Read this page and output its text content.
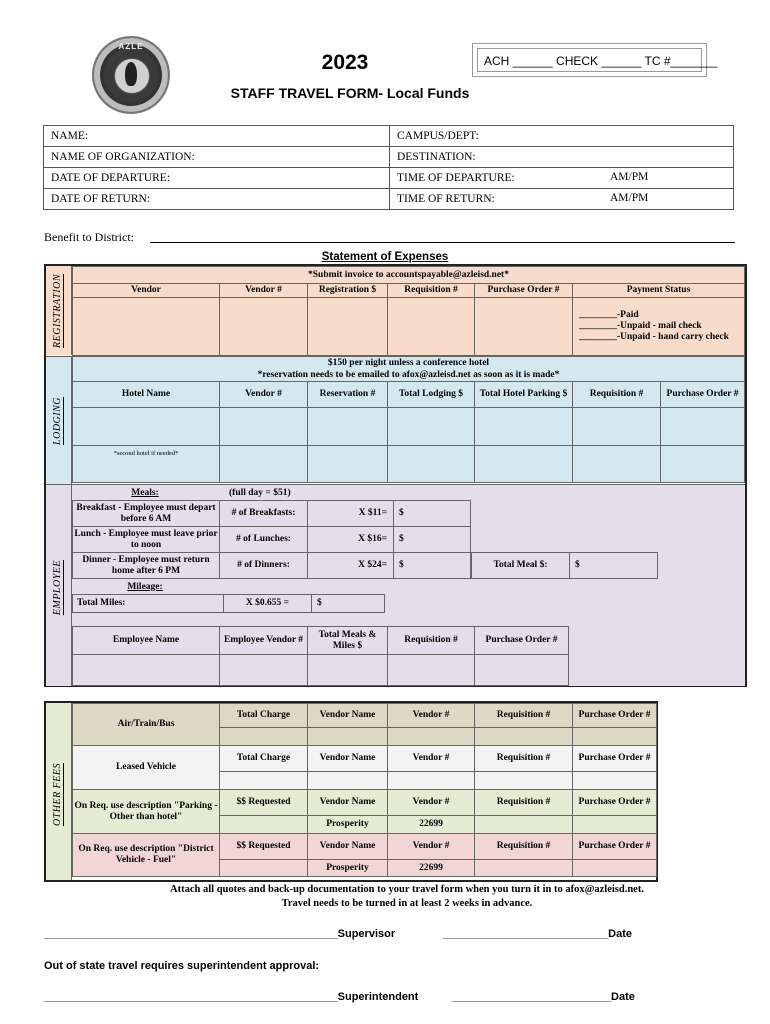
AZLE
2023
STAFF TRAVEL FORM- Local Funds
ACH ______ CHECK ______ TC #_______
NAME:	CAMPUS/DEPT:
NAME OF ORGANIZATION:	DESTINATION:
DATE OF DEPARTURE:	TIME OF DEPARTURE: AM/PM

DATE OF RETURN:	TIME OF RETURN: AM/PM
Benefit to District:
Statement of Expenses
REGISTRATION
LODGING
EMPLOYEE
*Submit invoice to accountspayable@azleisd.net*					
Vendor	Vendor #	Registration $	Requisition #	Purchase Order #	Payment Status

					________-Paid
________-Unpaid - mail check
________-Unpaid - hand carry check
$150 per night unless a conference hotel
*reservation needs to be emailed to afox@azleisd.net as soon as it is made*						

Hotel Name	Vendor #	Reservation #	Total Lodging $	Total Hotel Parking $	Requisition #	Purchase Order #

*second hotel if needed*						
Meals:	(full day = $51)
Breakfast - Employee must depart before 6 AM	# of Breakfasts:	X $11=	$
Lunch - Employee must leave prior to noon	# of Lunches:	X $16=	$
Dinner - Employee must return home after 6 PM	# of Dinners:	X $24=	$	Total Meal $:	$
Mileage:
Total Miles:	X $0.655 =	$
Employee Name	Employee Vendor #	Total Meals & Miles $	Requisition #	Purchase Order #

OTHER FEES
Air/Train/Bus	Total Charge	Vendor Name	Vendor #	Requisition #	Purchase Order #

Leased Vehicle	Total Charge	Vendor Name	Vendor #	Requisition #	Purchase Order #

On Req. use description "Parking - Other than hotel"	$$ Requested	Vendor Name	Vendor #	Requisition #	Purchase Order #
		Prosperity	22699		
On Req. use description "District Vehicle - Fuel"	$$ Requested	Vendor Name	Vendor #	Requisition #	Purchase Order #
		Prosperity	22699		
Attach all quotes and back-up documentation to your travel form when you turn it in to afox@azleisd.net.
Travel needs to be turned in at least 2 weeks in advance.
________________________________________________Supervisor	___________________________Date
Out of state travel requires superintendent approval:
________________________________________________Superintendent	__________________________Date
